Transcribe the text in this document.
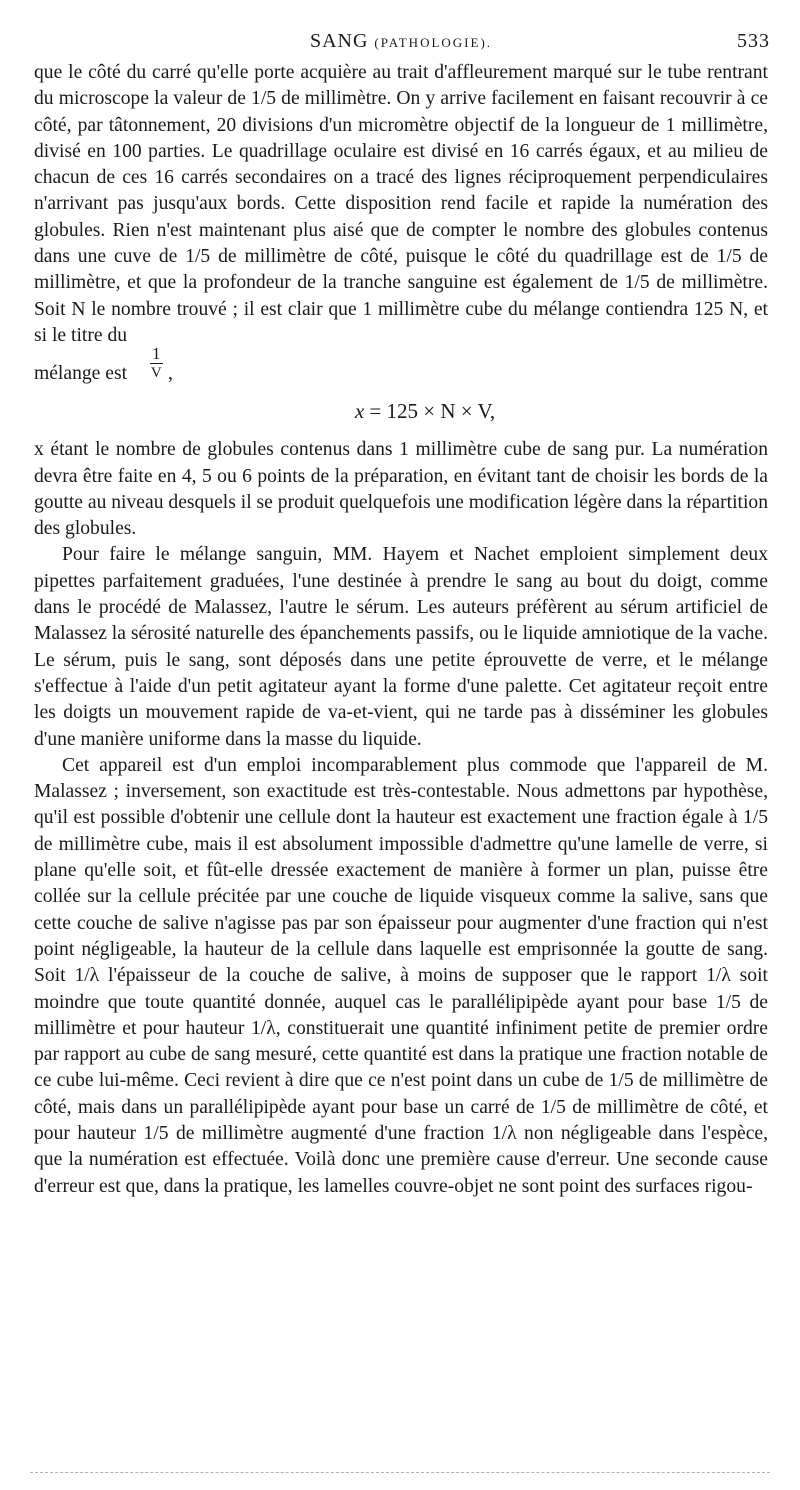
SANG (PATHOLOGIE).	533

que le côté du carré qu'elle porte acquière au trait d'affleurement marqué sur le tube rentrant du microscope la valeur de 1/5 de millimètre. On y arrive facilement en faisant recouvrir à ce côté, par tâtonnement, 20 divisions d'un micromètre objectif de la longueur de 1 millimètre, divisé en 100 parties. Le quadrillage oculaire est divisé en 16 carrés égaux, et au milieu de chacun de ces 16 carrés secondaires on a tracé des lignes réciproquement perpendiculaires n'arrivant pas jusqu'aux bords. Cette disposition rend facile et rapide la numération des globules. Rien n'est maintenant plus aisé que de compter le nombre des globules contenus dans une cuve de 1/5 de millimètre de côté, puisque le côté du quadrillage est de 1/5 de millimètre, et que la profondeur de la tranche sanguine est également de 1/5 de millimètre. Soit N le nombre trouvé ; il est clair que 1 millimètre cube du mélange contiendra 125 N, et si le titre du

mélange est $\frac{1}{V}$ ,
x = 125 × N × V,

x étant le nombre de globules contenus dans 1 millimètre cube de sang pur. La numération devra être faite en 4, 5 ou 6 points de la préparation, en évitant tant de choisir les bords de la goutte au niveau desquels il se produit quelquefois une modification légère dans la répartition des globules.

Pour faire le mélange sanguin, MM. Hayem et Nachet emploient simplement deux pipettes parfaitement graduées, l'une destinée à prendre le sang au bout du doigt, comme dans le procédé de Malassez, l'autre le sérum. Les auteurs préfèrent au sérum artificiel de Malassez la sérosité naturelle des épanchements passifs, ou le liquide amniotique de la vache. Le sérum, puis le sang, sont déposés dans une petite éprouvette de verre, et le mélange s'effectue à l'aide d'un petit agitateur ayant la forme d'une palette. Cet agitateur reçoit entre les doigts un mouvement rapide de va-et-vient, qui ne tarde pas à disséminer les globules d'une manière uniforme dans la masse du liquide.

Cet appareil est d'un emploi incomparablement plus commode que l'appareil de M. Malassez ; inversement, son exactitude est très-contestable. Nous admettons par hypothèse, qu'il est possible d'obtenir une cellule dont la hauteur est exactement une fraction égale à 1/5 de millimètre cube, mais il est absolument impossible d'admettre qu'une lamelle de verre, si plane qu'elle soit, et fût-elle dressée exactement de manière à former un plan, puisse être collée sur la cellule précitée par une couche de liquide visqueux comme la salive, sans que cette couche de salive n'agisse pas par son épaisseur pour augmenter d'une fraction qui n'est point négligeable, la hauteur de la cellule dans laquelle est emprisonnée la goutte de sang. Soit 1/λ l'épaisseur de la couche de salive, à moins de supposer que le rapport 1/λ soit moindre que toute quantité donnée, auquel cas le parallélipipède ayant pour base 1/5 de millimètre et pour hauteur 1/λ, constituerait une quantité infiniment petite de premier ordre par rapport au cube de sang mesuré, cette quantité est dans la pratique une fraction notable de ce cube lui-même. Ceci revient à dire que ce n'est point dans un cube de 1/5 de millimètre de côté, mais dans un parallélipipède ayant pour base un carré de 1/5 de millimètre de côté, et pour hauteur 1/5 de millimètre augmenté d'une fraction 1/λ non négligeable dans l'espèce, que la numération est effectuée. Voilà donc une première cause d'erreur. Une seconde cause d'erreur est que, dans la pratique, les lamelles couvre-objet ne sont point des surfaces rigou-
